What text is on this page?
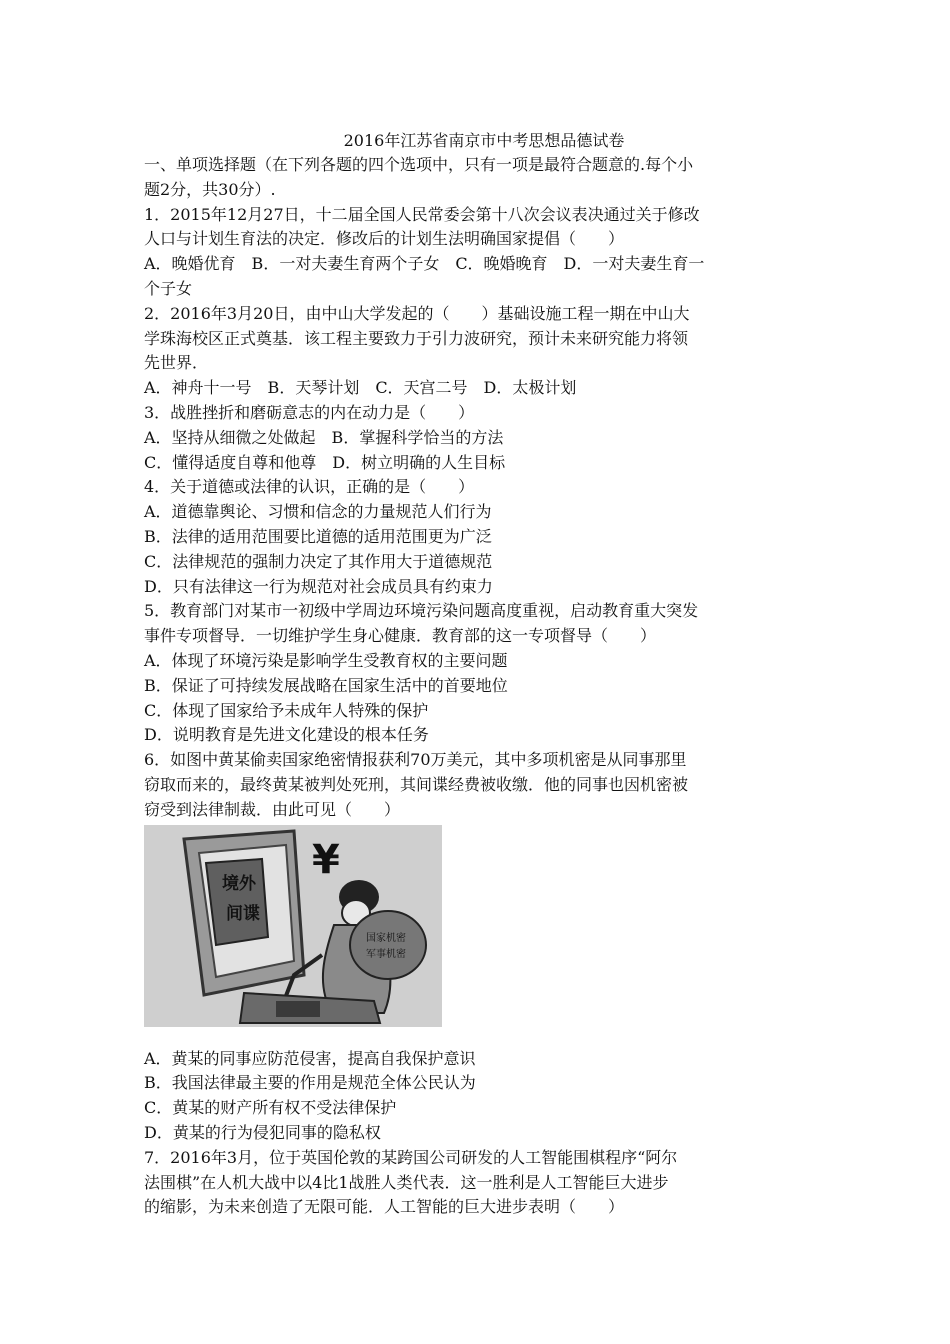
2016年江苏省南京市中考思想品德试卷
一、单项选择题（在下列各题的四个选项中，只有一项是最符合题意的.每个小
题2分，共30分）.
1．2015年12月27日，十二届全国人民常委会第十八次会议表决通过关于修改
人口与计划生育法的决定．修改后的计划生法明确国家提倡（　　）
A．晚婚优育　B．一对夫妻生育两个子女　C．晚婚晚育　D．一对夫妻生育一
个子女
2．2016年3月20日，由中山大学发起的（　　）基础设施工程一期在中山大
学珠海校区正式奠基．该工程主要致力于引力波研究，预计未来研究能力将领
先世界．
A．神舟十一号　B．天琴计划　C．天宫二号　D．太极计划
3．战胜挫折和磨砺意志的内在动力是（　　）
A．坚持从细微之处做起　B．掌握科学恰当的方法
C．懂得适度自尊和他尊　D．树立明确的人生目标
4．关于道德或法律的认识，正确的是（　　）
A．道德靠舆论、习惯和信念的力量规范人们行为
B．法律的适用范围要比道德的适用范围更为广泛
C．法律规范的强制力决定了其作用大于道德规范
D．只有法律这一行为规范对社会成员具有约束力
5．教育部门对某市一初级中学周边环境污染问题高度重视，启动教育重大突发
事件专项督导．一切维护学生身心健康．教育部的这一专项督导（　　）
A．体现了环境污染是影响学生受教育权的主要问题
B．保证了可持续发展战略在国家生活中的首要地位
C．体现了国家给予未成年人特殊的保护
D．说明教育是先进文化建设的根本任务
6．如图中黄某偷卖国家绝密情报获利70万美元，其中多项机密是从同事那里
窃取而来的，最终黄某被判处死刑，其间谍经费被收缴．他的同事也因机密被
窃受到法律制裁．由此可见（　　）
境外
间谍
¥
国家机密
军事机密
A．黄某的同事应防范侵害，提高自我保护意识
B．我国法律最主要的作用是规范全体公民认为
C．黄某的财产所有权不受法律保护
D．黄某的行为侵犯同事的隐私权
7．2016年3月，位于英国伦敦的某跨国公司研发的人工智能围棋程序“阿尔
法围棋”在人机大战中以4比1战胜人类代表．这一胜利是人工智能巨大进步
的缩影，为未来创造了无限可能．人工智能的巨大进步表明（　　）
